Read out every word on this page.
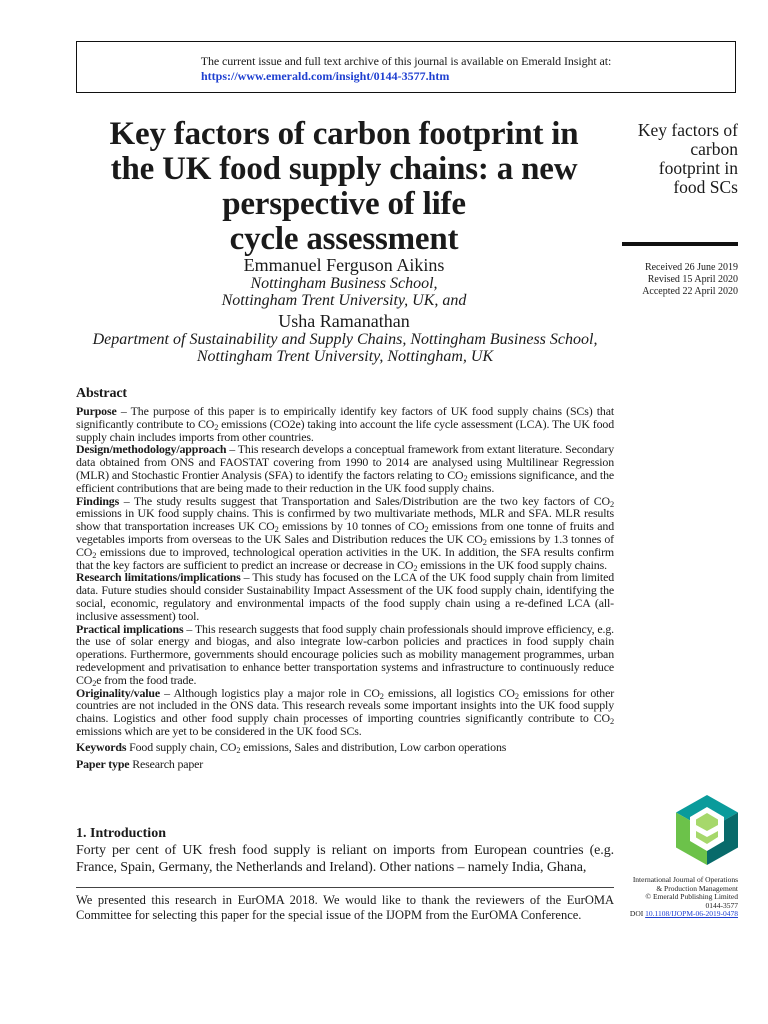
The current issue and full text archive of this journal is available on Emerald Insight at:
https://www.emerald.com/insight/0144-3577.htm
Key factors of carbon footprint in
the UK food supply chains: a new
perspective of life
cycle assessment
Key factors of
carbon
footprint in
food SCs
Received 26 June 2019
Revised 15 April 2020
Accepted 22 April 2020
Emmanuel Ferguson Aikins
Nottingham Business School,
Nottingham Trent University, UK, and
Usha Ramanathan
Department of Sustainability and Supply Chains, Nottingham Business School,
Nottingham Trent University, Nottingham, UK
Abstract

Purpose – The purpose of this paper is to empirically identify key factors of UK food supply chains (SCs) that significantly contribute to $CO_2$ emissions (CO2e) taking into account the life cycle assessment (LCA). The UK food supply chain includes imports from other countries.

Design/methodology/approach – This research develops a conceptual framework from extant literature. Secondary data obtained from ONS and FAOSTAT covering from 1990 to 2014 are analysed using Multilinear Regression (MLR) and Stochastic Frontier Analysis (SFA) to identify the factors relating to $CO_2$ emissions significance, and the efficient contributions that are being made to their reduction in the UK food supply chains.

Findings – The study results suggest that Transportation and Sales/Distribution are the two key factors of $CO_2$ emissions in UK food supply chains. This is confirmed by two multivariate methods, MLR and SFA. MLR results show that transportation increases UK $CO_2$ emissions by 10 tonnes of $CO_2$ emissions from one tonne of fruits and vegetables imports from overseas to the UK Sales and Distribution reduces the UK $CO_2$ emissions by 1.3 tonnes of $CO_2$ emissions due to improved, technological operation activities in the UK. In addition, the SFA results confirm that the key factors are sufficient to predict an increase or decrease in $CO_2$ emissions in the UK food supply chains.

Research limitations/implications – This study has focused on the LCA of the UK food supply chain from limited data. Future studies should consider Sustainability Impact Assessment of the UK food supply chain, identifying the social, economic, regulatory and environmental impacts of the food supply chain using a re-defined LCA (all-inclusive assessment) tool.

Practical implications – This research suggests that food supply chain professionals should improve efficiency, e.g. the use of solar energy and biogas, and also integrate low-carbon policies and practices in food supply chain operations. Furthermore, governments should encourage policies such as mobility management programmes, urban redevelopment and privatisation to enhance better transportation systems and infrastructure to continuously reduce $CO_2e$ from the food trade.

Originality/value – Although logistics play a major role in $CO_2$ emissions, all logistics $CO_2$ emissions for other countries are not included in the ONS data. This research reveals some important insights into the UK food supply chains. Logistics and other food supply chain processes of importing countries significantly contribute to $CO_2$ emissions which are yet to be considered in the UK food SCs.

Keywords Food supply chain, $CO_2$ emissions, Sales and distribution, Low carbon operations

Paper type Research paper

1. Introduction
Forty per cent of UK fresh food supply is reliant on imports from European countries (e.g. France, Spain, Germany, the Netherlands and Ireland). Other nations – namely India, Ghana,
We presented this research in EurOMA 2018. We would like to thank the reviewers of the EurOMA Committee for selecting this paper for the special issue of the IJOPM from the EurOMA Conference.
International Journal of Operations
& Production Management
© Emerald Publishing Limited
0144-3577
DOI 10.1108/IJOPM-06-2019-0478
